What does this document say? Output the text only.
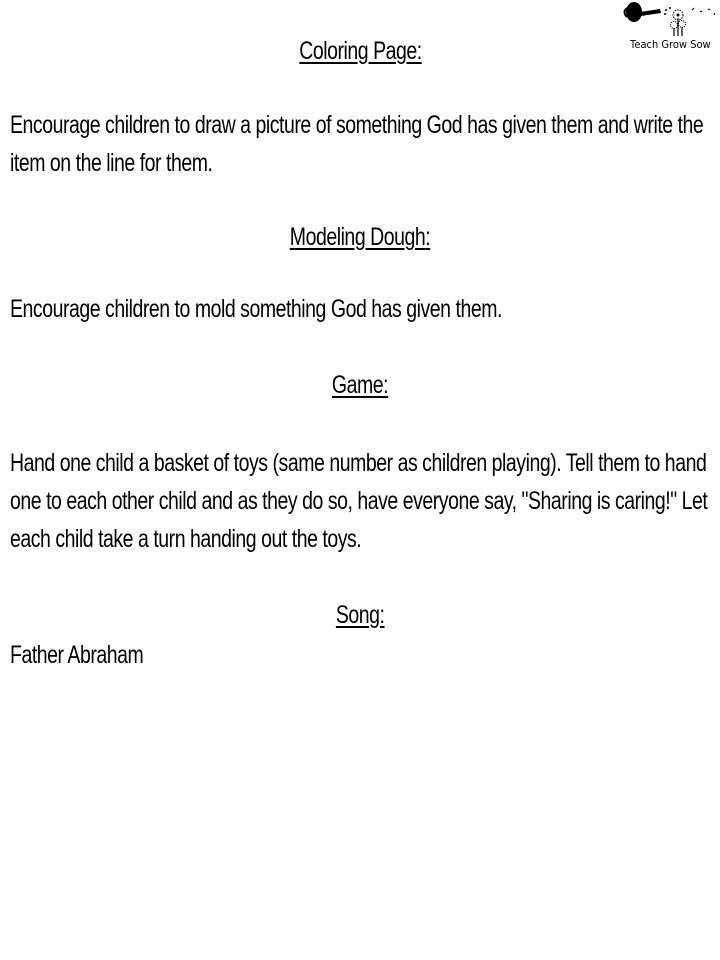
Teach Grow Sow
Coloring Page:
Encourage children to draw a picture of something God has given them and write the item on the line for them.
Modeling Dough:
Encourage children to mold something God has given them.
Game:
Hand one child a basket of toys (same number as children playing). Tell them to hand one to each other child and as they do so, have everyone say, "Sharing is caring!" Let each child take a turn handing out the toys.
Song:
Father Abraham
